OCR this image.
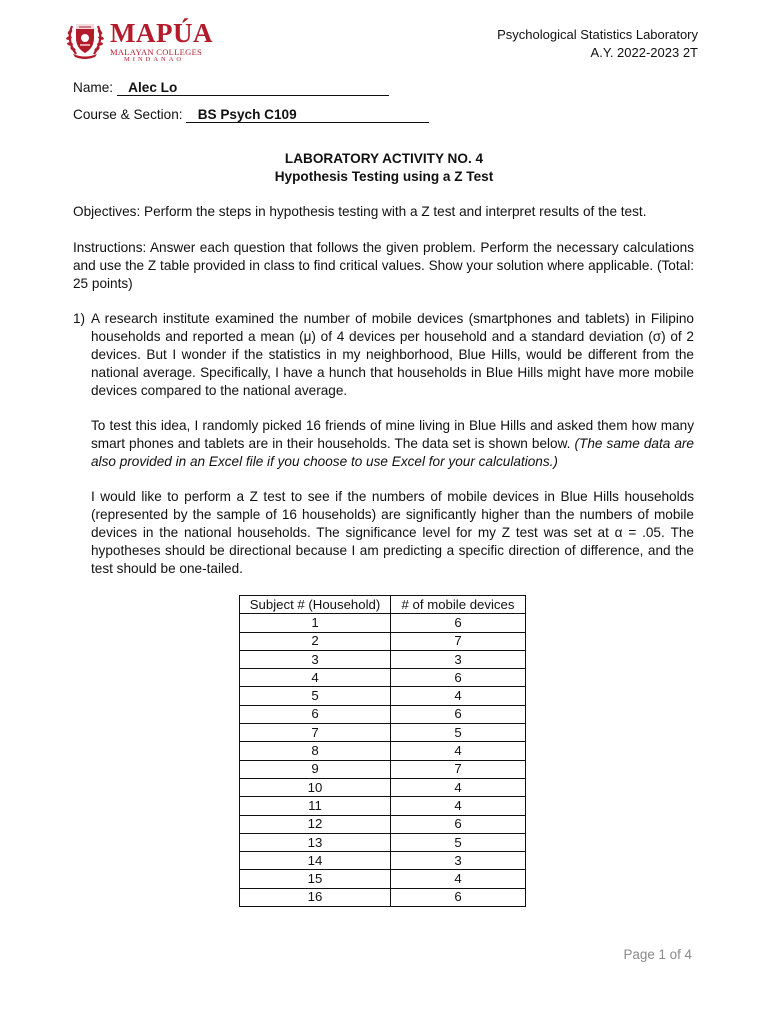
MAPÚA
MALAYAN COLLEGES
MINDANAO
Psychological Statistics Laboratory
A.Y. 2022-2023 2T
Name: Alec Lo
Course & Section: BS Psych C109
LABORATORY ACTIVITY NO. 4
Hypothesis Testing using a Z Test
Objectives: Perform the steps in hypothesis testing with a Z test and interpret results of the test.
Instructions: Answer each question that follows the given problem. Perform the necessary calculations and use the Z table provided in class to find critical values. Show your solution where applicable. (Total: 25 points)
1) A research institute examined the number of mobile devices (smartphones and tablets) in Filipino households and reported a mean (μ) of 4 devices per household and a standard deviation (σ) of 2 devices. But I wonder if the statistics in my neighborhood, Blue Hills, would be different from the national average. Specifically, I have a hunch that households in Blue Hills might have more mobile devices compared to the national average.
To test this idea, I randomly picked 16 friends of mine living in Blue Hills and asked them how many smart phones and tablets are in their households. The data set is shown below. (The same data are also provided in an Excel file if you choose to use Excel for your calculations.)
I would like to perform a Z test to see if the numbers of mobile devices in Blue Hills households (represented by the sample of 16 households) are significantly higher than the numbers of mobile devices in the national households. The significance level for my Z test was set at α = .05. The hypotheses should be directional because I am predicting a specific direction of difference, and the test should be one-tailed.
Subject # (Household)	# of mobile devices
1	6
2	7
3	3
4	6
5	4
6	6
7	5
8	4
9	7
10	4
11	4
12	6
13	5
14	3
15	4
16	6
Page 1 of 4
